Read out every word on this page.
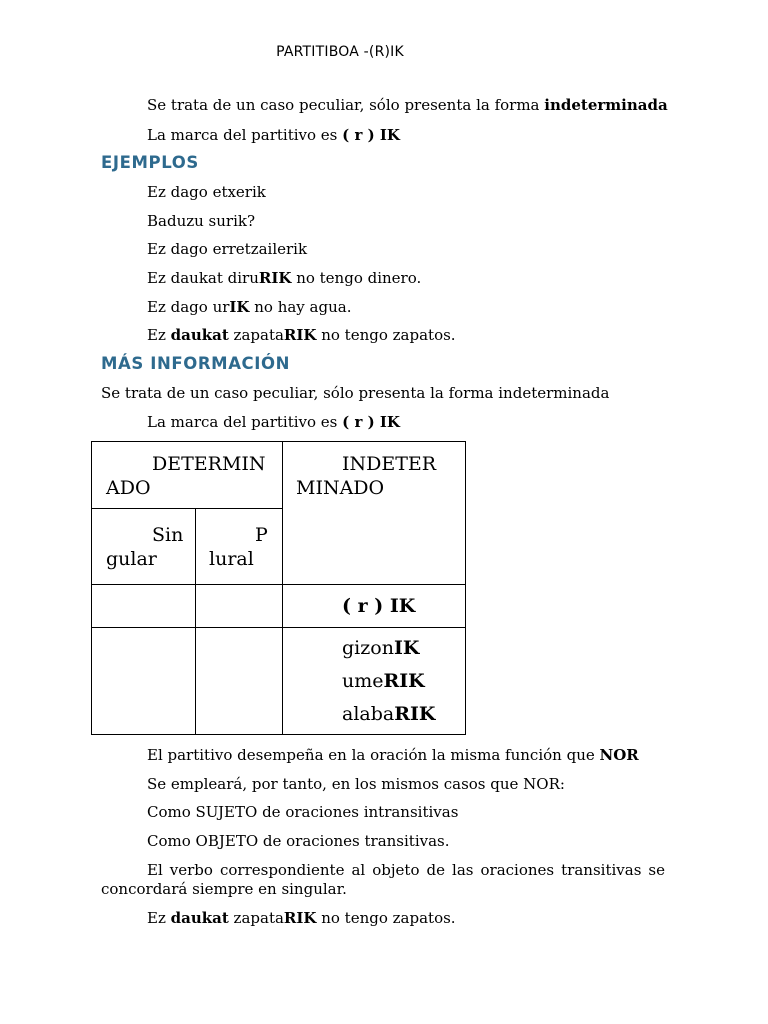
PARTITIBOA -(R)IK
Se trata de un caso peculiar, sólo presenta la forma indeterminada
La marca del partitivo es ( r ) IK
EJEMPLOS
Ez dago etxerik
Baduzu surik?
Ez dago erretzailerik
Ez daukat diruRIK no tengo dinero.
Ez dago urIK no hay agua.
Ez daukat zapataRIK no tengo zapatos.
MÁS INFORMACIÓN
Se trata de un caso peculiar, sólo presenta la forma indeterminada
La marca del partitivo es ( r ) IK
DETERMIN
ADO
INDETER
MINADO
Sin
gular
P
lural
( r ) IK
gizonIK
umeRIK
alabaRIK
El partitivo desempeña en la oración la misma función que NOR
Se empleará, por tanto, en los mismos casos que NOR:
Como SUJETO de oraciones intransitivas
Como OBJETO de oraciones transitivas.
El verbo correspondiente al objeto de las oraciones transitivas se concordará siempre en singular.
Ez daukat zapataRIK no tengo zapatos.
